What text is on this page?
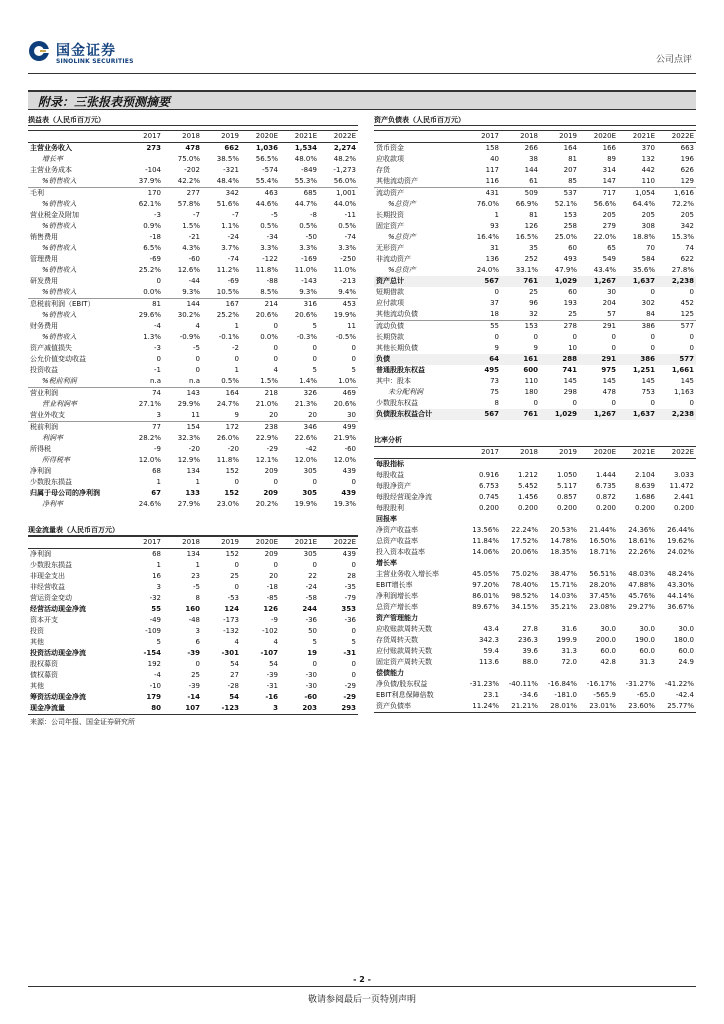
国金证券
SINOLINK SECURITIES	公司点评
附录：三张报表预测摘要
损益表（人民币百万元）
	2017	2018	2019	2020E	2021E	2022E
主营业务收入	273	478	662	1,036	1,534	2,274
增长率		75.0%	38.5%	56.5%	48.0%	48.2%
主营业务成本	-104	-202	-321	-574	-849	-1,273
%销售收入	37.9%	42.2%	48.4%	55.4%	55.3%	56.0%
毛利	170	277	342	463	685	1,001
%销售收入	62.1%	57.8%	51.6%	44.6%	44.7%	44.0%
营业税金及附加	-3	-7	-7	-5	-8	-11
%销售收入	0.9%	1.5%	1.1%	0.5%	0.5%	0.5%
销售费用	-18	-21	-24	-34	-50	-74
%销售收入	6.5%	4.3%	3.7%	3.3%	3.3%	3.3%
管理费用	-69	-60	-74	-122	-169	-250
%销售收入	25.2%	12.6%	11.2%	11.8%	11.0%	11.0%
研发费用	0	-44	-69	-88	-143	-213
%销售收入	0.0%	9.3%	10.5%	8.5%	9.3%	9.4%
息税前利润（EBIT）	81	144	167	214	316	453
%销售收入	29.6%	30.2%	25.2%	20.6%	20.6%	19.9%
财务费用	-4	4	1	0	5	11
%销售收入	1.3%	-0.9%	-0.1%	0.0%	-0.3%	-0.5%
资产减值损失	-3	-5	-2	0	0	0
公允价值变动收益	0	0	0	0	0	0
投资收益	-1	0	1	4	5	5
%税前利润	n.a	n.a	0.5%	1.5%	1.4%	1.0%
营业利润	74	143	164	218	326	469
营业利润率	27.1%	29.9%	24.7%	21.0%	21.3%	20.6%
营业外收支	3	11	9	20	20	30
税前利润	77	154	172	238	346	499
利润率	28.2%	32.3%	26.0%	22.9%	22.6%	21.9%
所得税	-9	-20	-20	-29	-42	-60
所得税率	12.0%	12.9%	11.8%	12.1%	12.0%	12.0%
净利润	68	134	152	209	305	439
少数股东损益	1	1	0	0	0	0
归属于母公司的净利润	67	133	152	209	305	439
净利率	24.6%	27.9%	23.0%	20.2%	19.9%	19.3%
资产负债表（人民币百万元）
	2017	2018	2019	2020E	2021E	2022E
货币资金	158	266	164	166	370	663
应收款项	40	38	81	89	132	196
存货	117	144	207	314	442	626
其他流动资产	116	61	85	147	110	129
流动资产	431	509	537	717	1,054	1,616
%总资产	76.0%	66.9%	52.1%	56.6%	64.4%	72.2%
长期投资	1	81	153	205	205	205
固定资产	93	126	258	279	308	342
%总资产	16.4%	16.5%	25.0%	22.0%	18.8%	15.3%
无形资产	31	35	60	65	70	74
非流动资产	136	252	493	549	584	622
%总资产	24.0%	33.1%	47.9%	43.4%	35.6%	27.8%
资产总计	567	761	1,029	1,267	1,637	2,238
短期借款	0	25	60	30	0	0
应付款项	37	96	193	204	302	452
其他流动负债	18	32	25	57	84	125
流动负债	55	153	278	291	386	577
长期贷款	0	0	0	0	0	0
其他长期负债	9	9	10	0	0	0
负债	64	161	288	291	386	577
普通股股东权益	495	600	741	975	1,251	1,661
其中：股本	73	110	145	145	145	145
未分配利润	75	180	298	478	753	1,163
少数股东权益	8	0	0	0	0	0
负债股东权益合计	567	761	1,029	1,267	1,637	2,238
比率分析
	2017	2018	2019	2020E	2021E	2022E
每股指标						
每股收益	0.916	1.212	1.050	1.444	2.104	3.033
每股净资产	6.753	5.452	5.117	6.735	8.639	11.472
每股经营现金净流	0.745	1.456	0.857	0.872	1.686	2.441
每股股利	0.200	0.200	0.200	0.200	0.200	0.200
回报率						
净资产收益率	13.56%	22.24%	20.53%	21.44%	24.36%	26.44%
总资产收益率	11.84%	17.52%	14.78%	16.50%	18.61%	19.62%
投入资本收益率	14.06%	20.06%	18.35%	18.71%	22.26%	24.02%
增长率						
主营业务收入增长率	45.05%	75.02%	38.47%	56.51%	48.03%	48.24%
EBIT增长率	97.20%	78.40%	15.71%	28.20%	47.88%	43.30%
净利润增长率	86.01%	98.52%	14.03%	37.45%	45.76%	44.14%
总资产增长率	89.67%	34.15%	35.21%	23.08%	29.27%	36.67%
资产管理能力						
应收账款周转天数	43.4	27.8	31.6	30.0	30.0	30.0
存货周转天数	342.3	236.3	199.9	200.0	190.0	180.0
应付账款周转天数	59.4	39.6	31.3	60.0	60.0	60.0
固定资产周转天数	113.6	88.0	72.0	42.8	31.3	24.9
偿债能力						
净负债/股东权益	-31.23%	-40.11%	-16.84%	-16.17%	-31.27%	-41.22%
EBIT利息保障倍数	23.1	-34.6	-181.0	-565.9	-65.0	-42.4
资产负债率	11.24%	21.21%	28.01%	23.01%	23.60%	25.77%
现金流量表（人民币百万元）
	2017	2018	2019	2020E	2021E	2022E
净利润	68	134	152	209	305	439
少数股东损益	1	1	0	0	0	0
非现金支出	16	23	25	20	22	28
非经营收益	3	-5	0	-18	-24	-35
营运资金变动	-32	8	-53	-85	-58	-79
经营活动现金净流	55	160	124	126	244	353
资本开支	-49	-48	-173	-9	-36	-36
投资	-109	3	-132	-102	50	0
其他	5	6	4	4	5	5
投资活动现金净流	-154	-39	-301	-107	19	-31
股权募资	192	0	54	54	0	0
债权募资	-4	25	27	-39	-30	0
其他	-10	-39	-28	-31	-30	-29
筹资活动现金净流	179	-14	54	-16	-60	-29
现金净流量	80	107	-123	3	203	293
来源：公司年报、国金证券研究所
- 2 -
敬请参阅最后一页特别声明
